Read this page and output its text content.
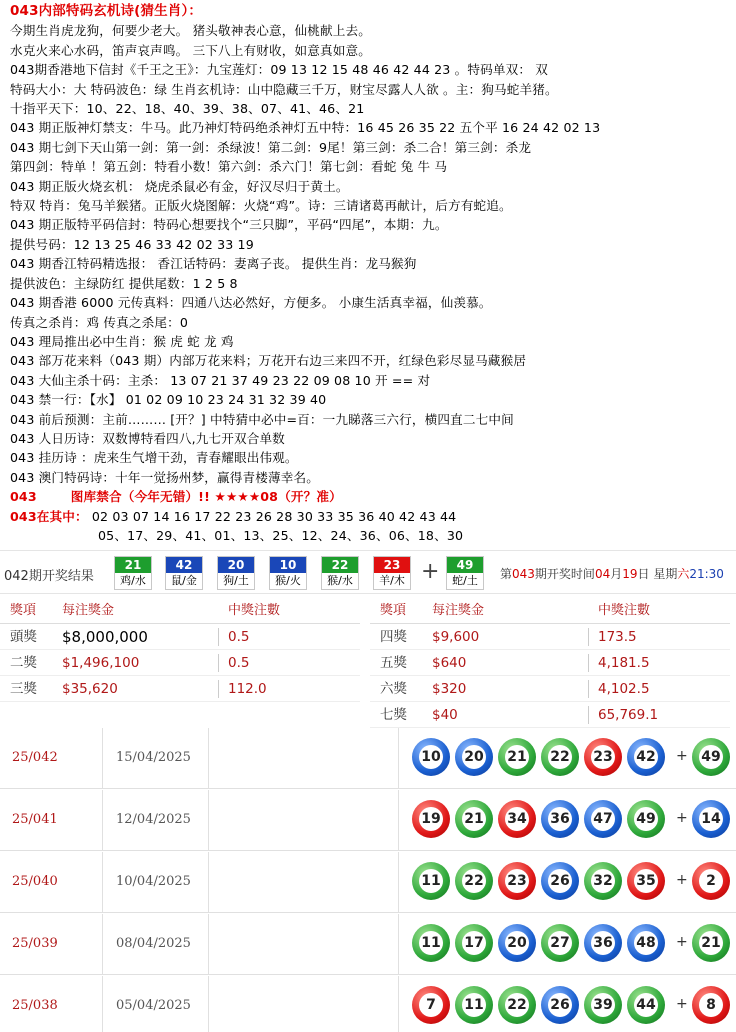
043内部特码玄机诗(猜生肖）：
今期生肖虎龙狗，何要少老大。 猪头敬神表心意，仙桃献上去。
水克火来心水码，笛声哀声鸣。 三下八上有财收，如意真如意。
043期香港地下信封《千王之王》：九宝莲灯：09 13 12 15 48 46 42 44 23 。特码单双： 双
特码大小：大 特码波色：绿 生肖玄机诗：山中隐藏三千万，财宝尽露人人欲 。主：狗马蛇羊猪。
十指平天下：10、22、18、40、39、38、07、41、46、21
043 期正版神灯禁支：牛马。此乃神灯特码绝杀神灯五中特：16 45 26 35 22 五个平 16 24 42 02 13
043 期七剑下天山第一剑：第一剑：杀绿波！第二剑：9尾！第三剑：杀二合！第三剑：杀龙
第四剑：特单 ！第五剑：特看小数！第六剑：杀六门！第七剑：看蛇 兔 牛 马
043 期正版火烧玄机： 烧虎杀鼠必有金，好汉尽归于黄土。
特双 特肖：兔马羊猴猪。正版火烧图解：火烧“鸡”。诗：三请诸葛再献计，后方有蛇追。
043 期正版特平码信封：特码心想要找个“三只脚”，平码“四尾”，本期：九。
提供号码：12 13 25 46 33 42 02 33 19
043 期香江特码精选报： 香江话特码：妻离子丧。 提供生肖：龙马猴狗
提供波色：主绿防红 提供尾数：1 2 5 8
043 期香港 6000 元传真料：四通八达必然好，方便多。 小康生活真幸福，仙羡慕。
传真之杀肖：鸡 传真之杀尾：0
043 理局推出必中生肖：猴 虎 蛇 龙 鸡
043 部万花来料（043 期）内部万花来料；万花开右边三来四不开，红绿色彩尽显马藏猴居
043 大仙主杀十码：主杀： 13 07 21 37 49 23 22 09 08 10 开 == 对
043 禁一行：【水】 01 02 09 10 23 24 31 32 39 40
043 前后预测：主前……… [开？] 中特猜中必中=百：一九睇落三六行，横四直二七中间
043 人日历诗：双数博特看四八,九七开双合单数
043 挂历诗 ：虎来生气增干劲，青春耀眼出伟观。
043 澳门特码诗：十年一觉扬州梦，赢得青楼薄幸名。
043	图库禁合（今年无错）!! ★★★★08（开？准）
043在其中： 02 03 07 14 16 17 22 23 26 28 30 33 35 36 40 42 43 44
05、17、29、41、01、13、25、12、24、36、06、18、30
042期开奖结果
21
鸡/水
42
鼠/金
20
狗/土
10
猴/火
22
猴/水
23
羊/木 +	49
蛇/土	第043期开奖时间04月19日 星期六21:30
獎項 每注獎金	中獎注數
頭獎 $8,000,000	0.5
二獎 $1,496,100	0.5
三獎 $35,620	112.0
獎項 每注獎金	中獎注數
四獎 $9,600	173.5
五獎 $640	4,181.5
六獎 $320	4,102.5
七獎 $40	65,769.1
25/042	15/04/2025	10 20 21 22 23 42 + 49
25/041	12/04/2025	19 21 34 36 47 49 + 14
25/040	10/04/2025	11 22 23 26 32 35 +	2
25/039	08/04/2025	11 17 20 27 36 48 + 21
25/038	05/04/2025	7	11 22 26 39 44 +	8
